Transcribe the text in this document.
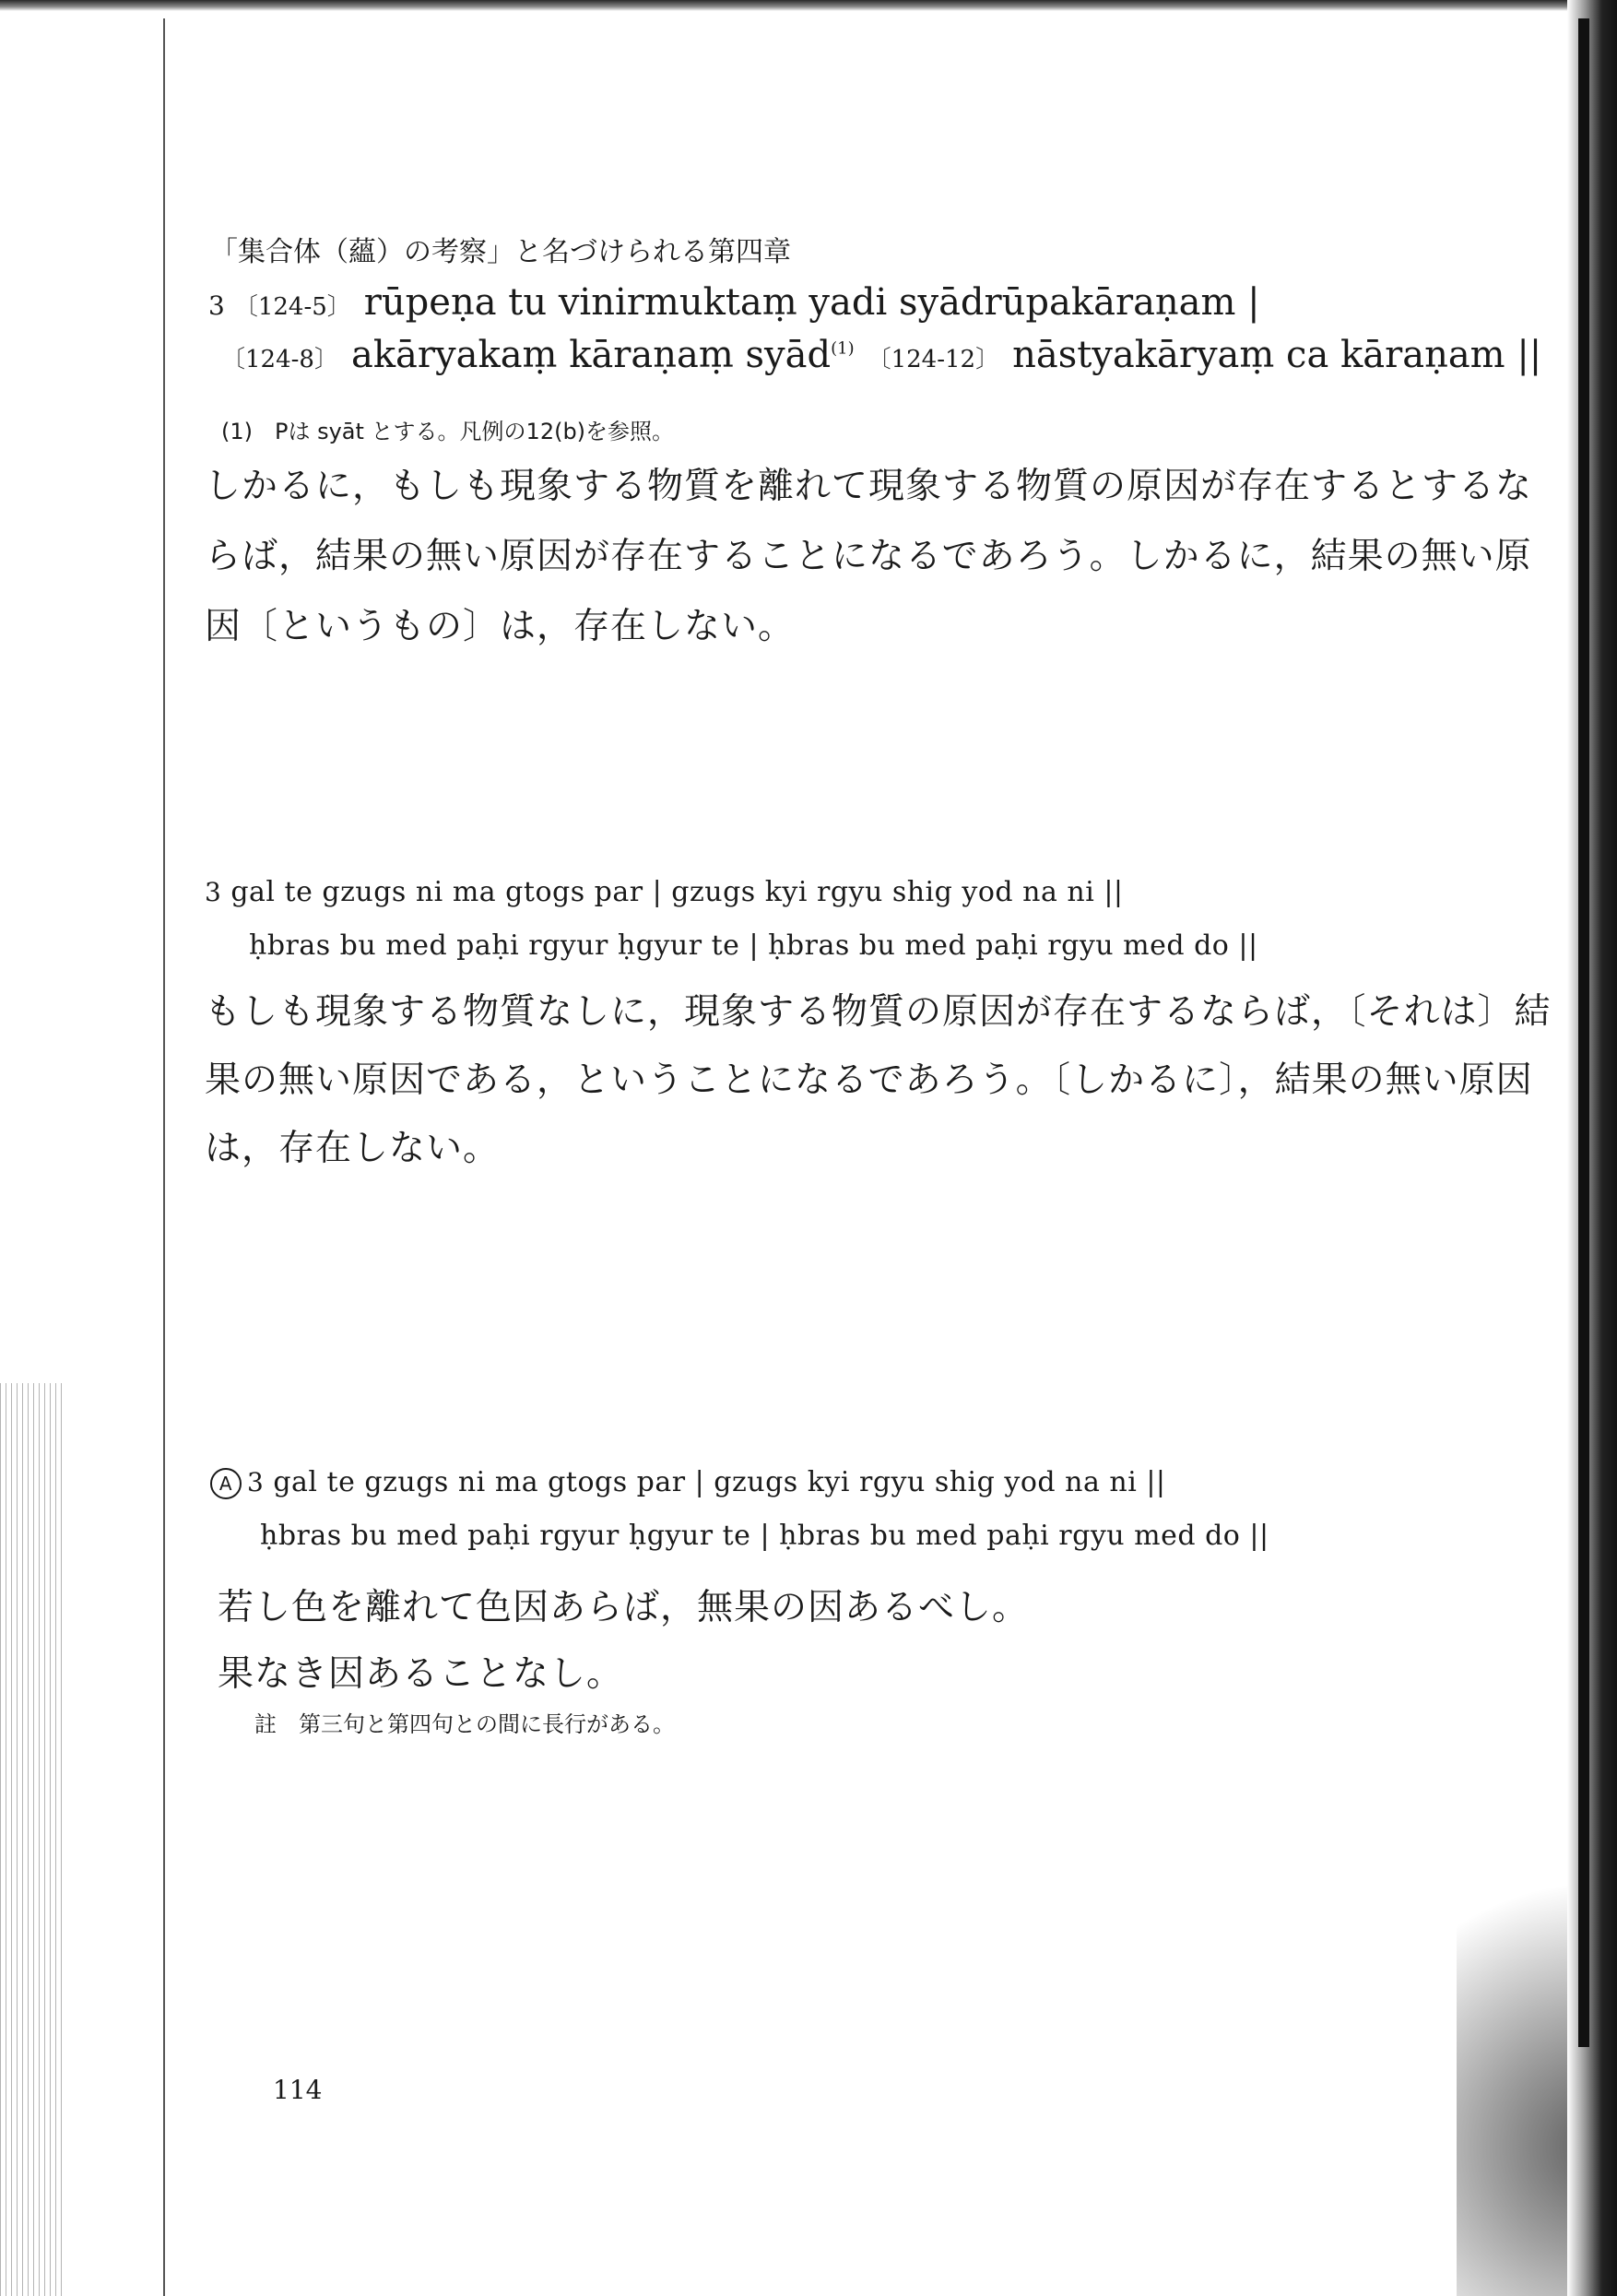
「集合体（蘊）の考察」と名づけられる第四章
3 〔124-5〕 rūpeṇa tu vinirmuktaṃ yadi syādrūpakāraṇam |
〔124-8〕 akāryakaṃ kāraṇaṃ syād$^{(1)}$ 〔124-12〕 nāstyakāryaṃ ca kāraṇam ||
(1)　Pは syāt とする。凡例の12(b)を参照。
しかるに，もしも現象する物質を離れて現象する物質の原因が存在するとするな
らば，結果の無い原因が存在することになるであろう。しかるに，結果の無い原
因〔というもの〕は，存在しない。
3 gal te gzugs ni ma gtogs par | gzugs kyi rgyu shig yod na ni ||
ḥbras bu med paḥi rgyur ḥgyur te | ḥbras bu med paḥi rgyu med do ||
もしも現象する物質なしに，現象する物質の原因が存在するならば，〔それは〕結
果の無い原因である，ということになるであろう。〔しかるに〕，結果の無い原因
は，存在しない。
A 3 gal te gzugs ni ma gtogs par | gzugs kyi rgyu shig yod na ni ||
ḥbras bu med paḥi rgyur ḥgyur te | ḥbras bu med paḥi rgyu med do ||
若し色を離れて色因あらば，無果の因あるべし。
果なき因あることなし。
註　第三句と第四句との間に長行がある。
114
